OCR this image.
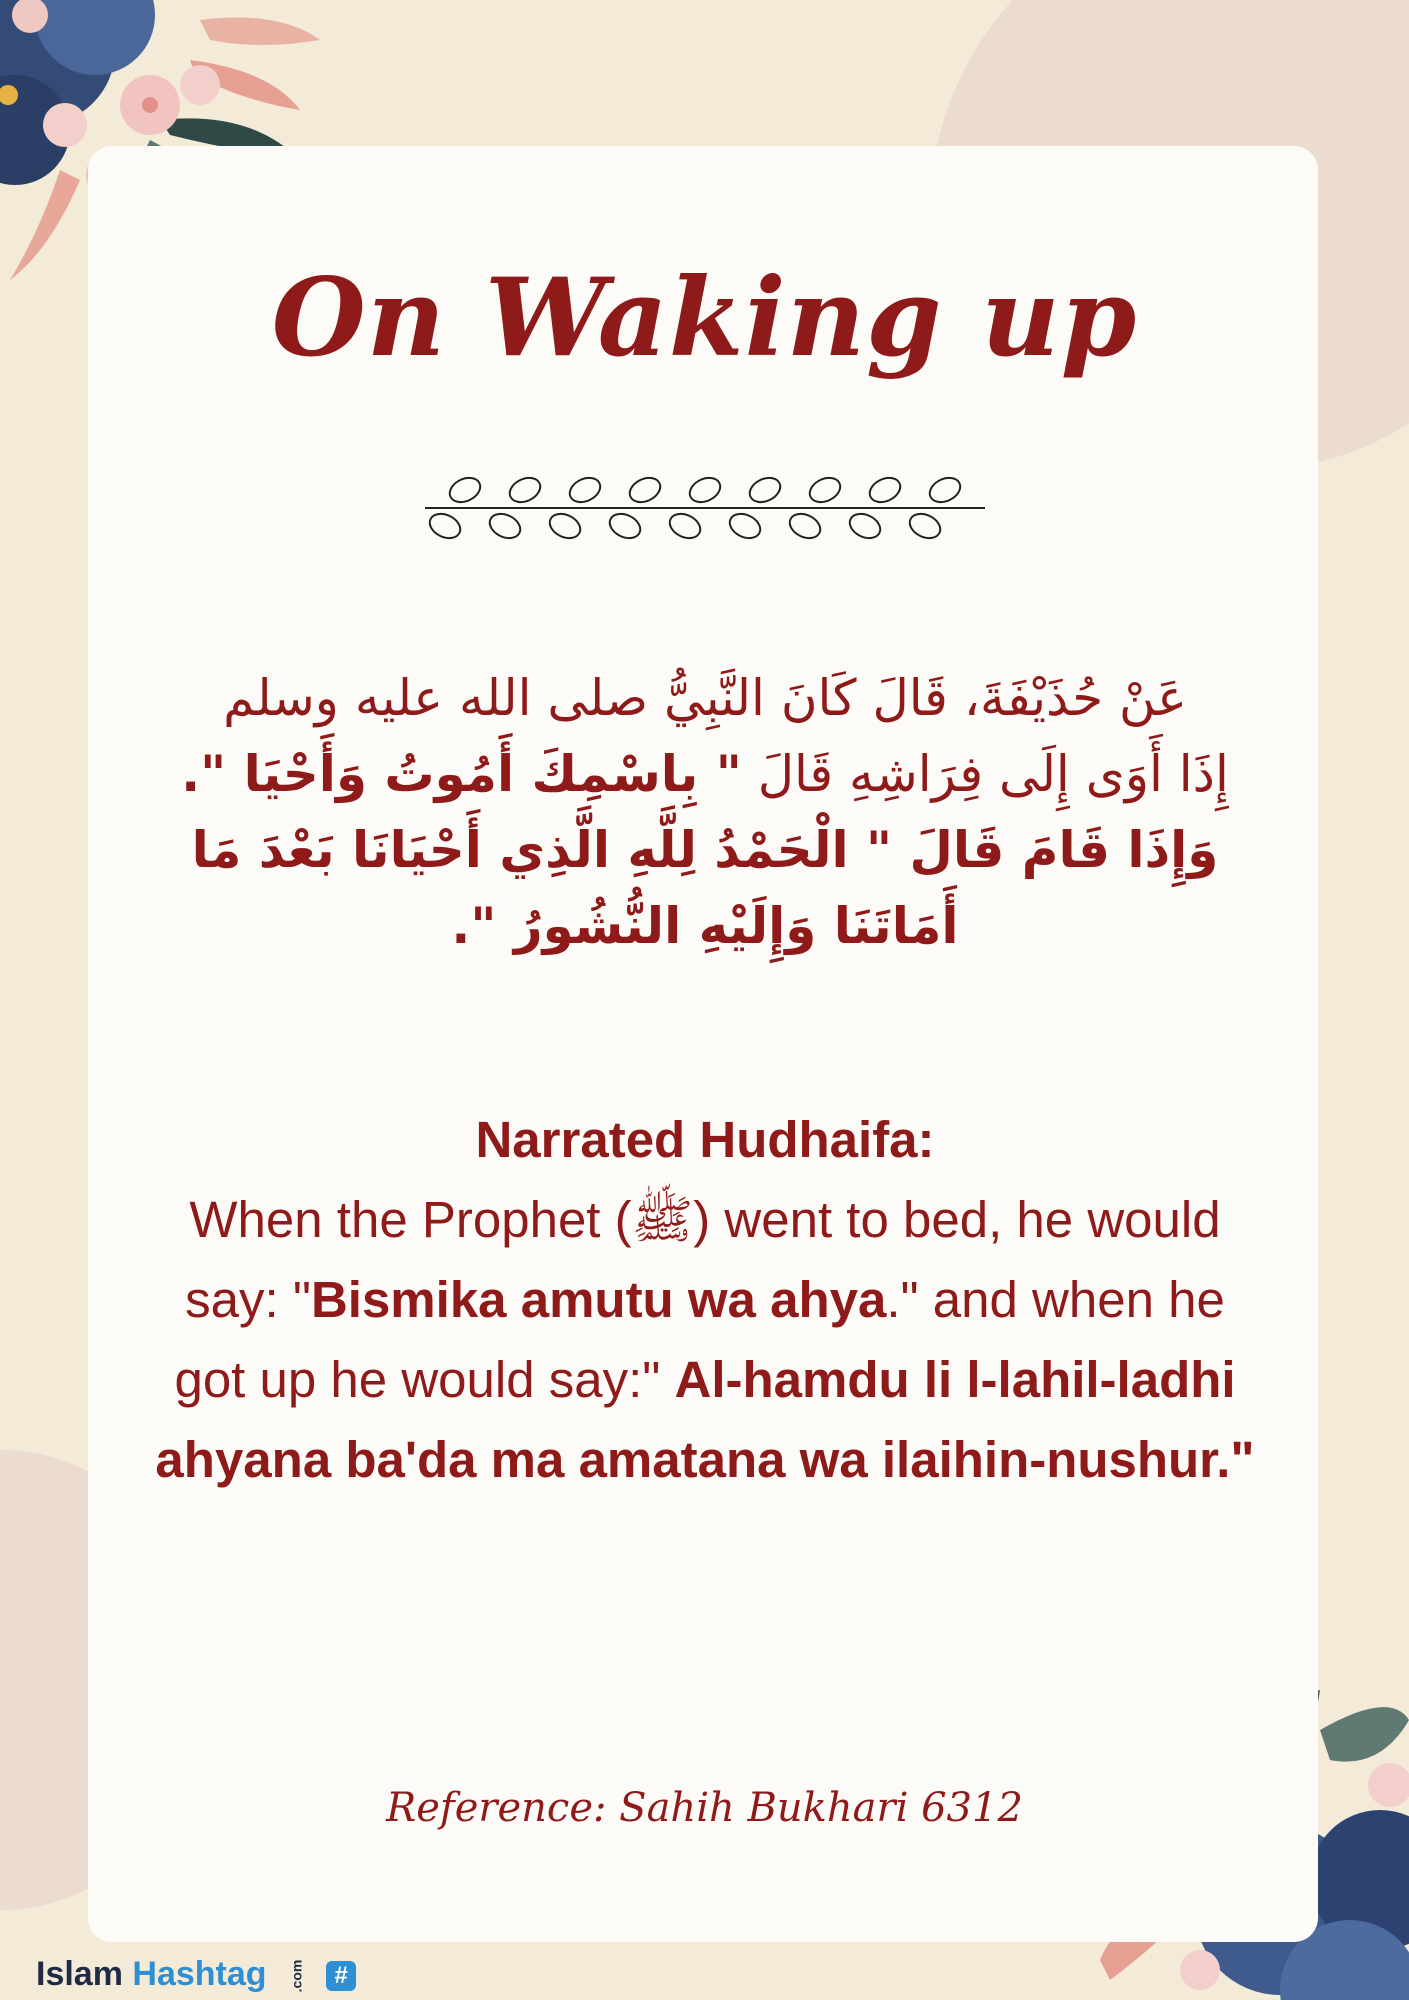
On Waking up
عَنْ حُذَيْفَةَ، قَالَ كَانَ النَّبِيُّ صلى الله عليه وسلم
إِذَا أَوَى إِلَى فِرَاشِهِ قَالَ " بِاسْمِكَ أَمُوتُ وَأَحْيَا ".
وَإِذَا قَامَ قَالَ " الْحَمْدُ لِلَّهِ الَّذِي أَحْيَانَا بَعْدَ مَا
أَمَاتَنَا وَإِلَيْهِ النُّشُورُ ".
Narrated Hudhaifa:
When the Prophet (ﷺ) went to bed, he would say: "Bismika amutu wa ahya." and when he got up he would say:" Al-hamdu li l-lahil-ladhi ahyana ba'da ma amatana wa ilaihin-nushur."
Reference: Sahih Bukhari 6312
Islam Hashtag .com #
